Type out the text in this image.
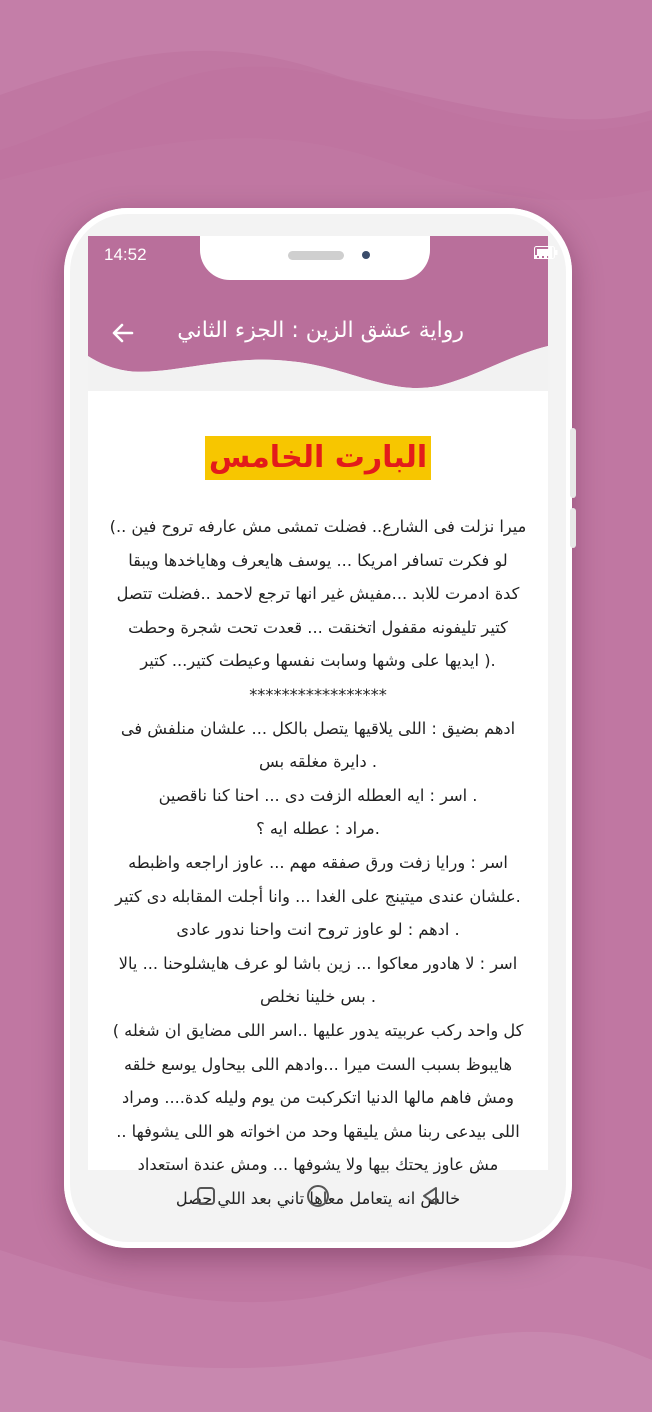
14:52
رواية عشق الزين : الجزء الثاني
البارت الخامس

ميرا نزلت فى الشارع.. فضلت تمشى مش عارفه تروح فين ..)

لو فكرت تسافر امريكا ... يوسف هايعرف وهاياخدها ويبقا

كدة ادمرت للابد ...مفيش غير انها ترجع لاحمد ..فضلت تتصل

كتير تليفونه مقفول اتخنقت ... قعدت تحت شجرة وحطت

.( ايديها على وشها وسابت نفسها وعيطت كتير... كتير

*****************

ادهم بضيق : اللى يلاقيها يتصل بالكل ... علشان منلفش فى

. دايرة مغلقه بس

. اسر : ايه العطله الزفت دى ... احنا كنا ناقصين

.مراد : عطله ايه ؟

اسر : ورايا زفت ورق صفقه مهم ... عاوز اراجعه واظبطه

.علشان عندى ميتينج على الغدا ... وانا أجلت المقابله دى كتير

. ادهم : لو عاوز تروح انت واحنا ندور عادى

اسر : لا هادور معاكوا ... زين باشا لو عرف هايشلوحنا ... يالا

. بس خلينا نخلص

كل واحد ركب عربيته يدور عليها ..اسر اللى مضايق ان شغله )

هايبوظ بسبب الست ميرا ...وادهم اللى بيحاول يوسع خلقه

ومش فاهم مالها الدنيا اتكركبت من يوم وليله كدة.... ومراد

اللى بيدعى ربنا مش يليقها وحد من اخواته هو اللى يشوفها ..

مش عاوز يحتك بيها ولا يشوفها ... ومش عندة استعداد

خالص انه يتعامل معاها تاني بعد اللي حصل
